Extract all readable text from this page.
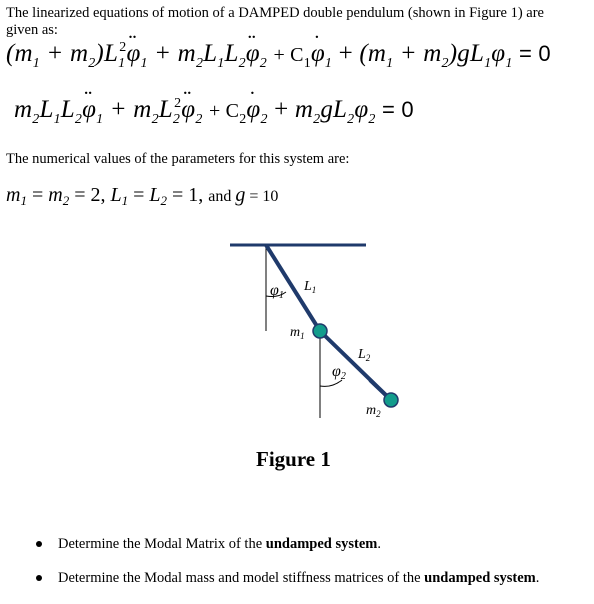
The linearized equations of motion of a DAMPED double pendulum (shown in Figure 1) are given as:
$(m_1 + m_2)L_1^2$.. $\varphi_1 + m_2L_1L_2$.. $\varphi_2 + C_1$. $\varphi_1 + (m_1 + m_2)gL_1\varphi_1 = 0$
$m_2L_1L_2$.. $\varphi_1 + m_2L_2^2$.. $\varphi_2 + C_2$. $\varphi_2 + m_2gL_2\varphi_2 = 0$
The numerical values of the parameters for this system are:
$m_1 = m_2 = 2$, $L_1 = L_2 = 1$, and g = 10
φ1
$L_1$
$m_1$
$L_2$
φ2
$m_2$
Figure 1
Determine the Modal Matrix of the undamped system.
Determine the Modal mass and model stiffness matrices of the undamped system.
